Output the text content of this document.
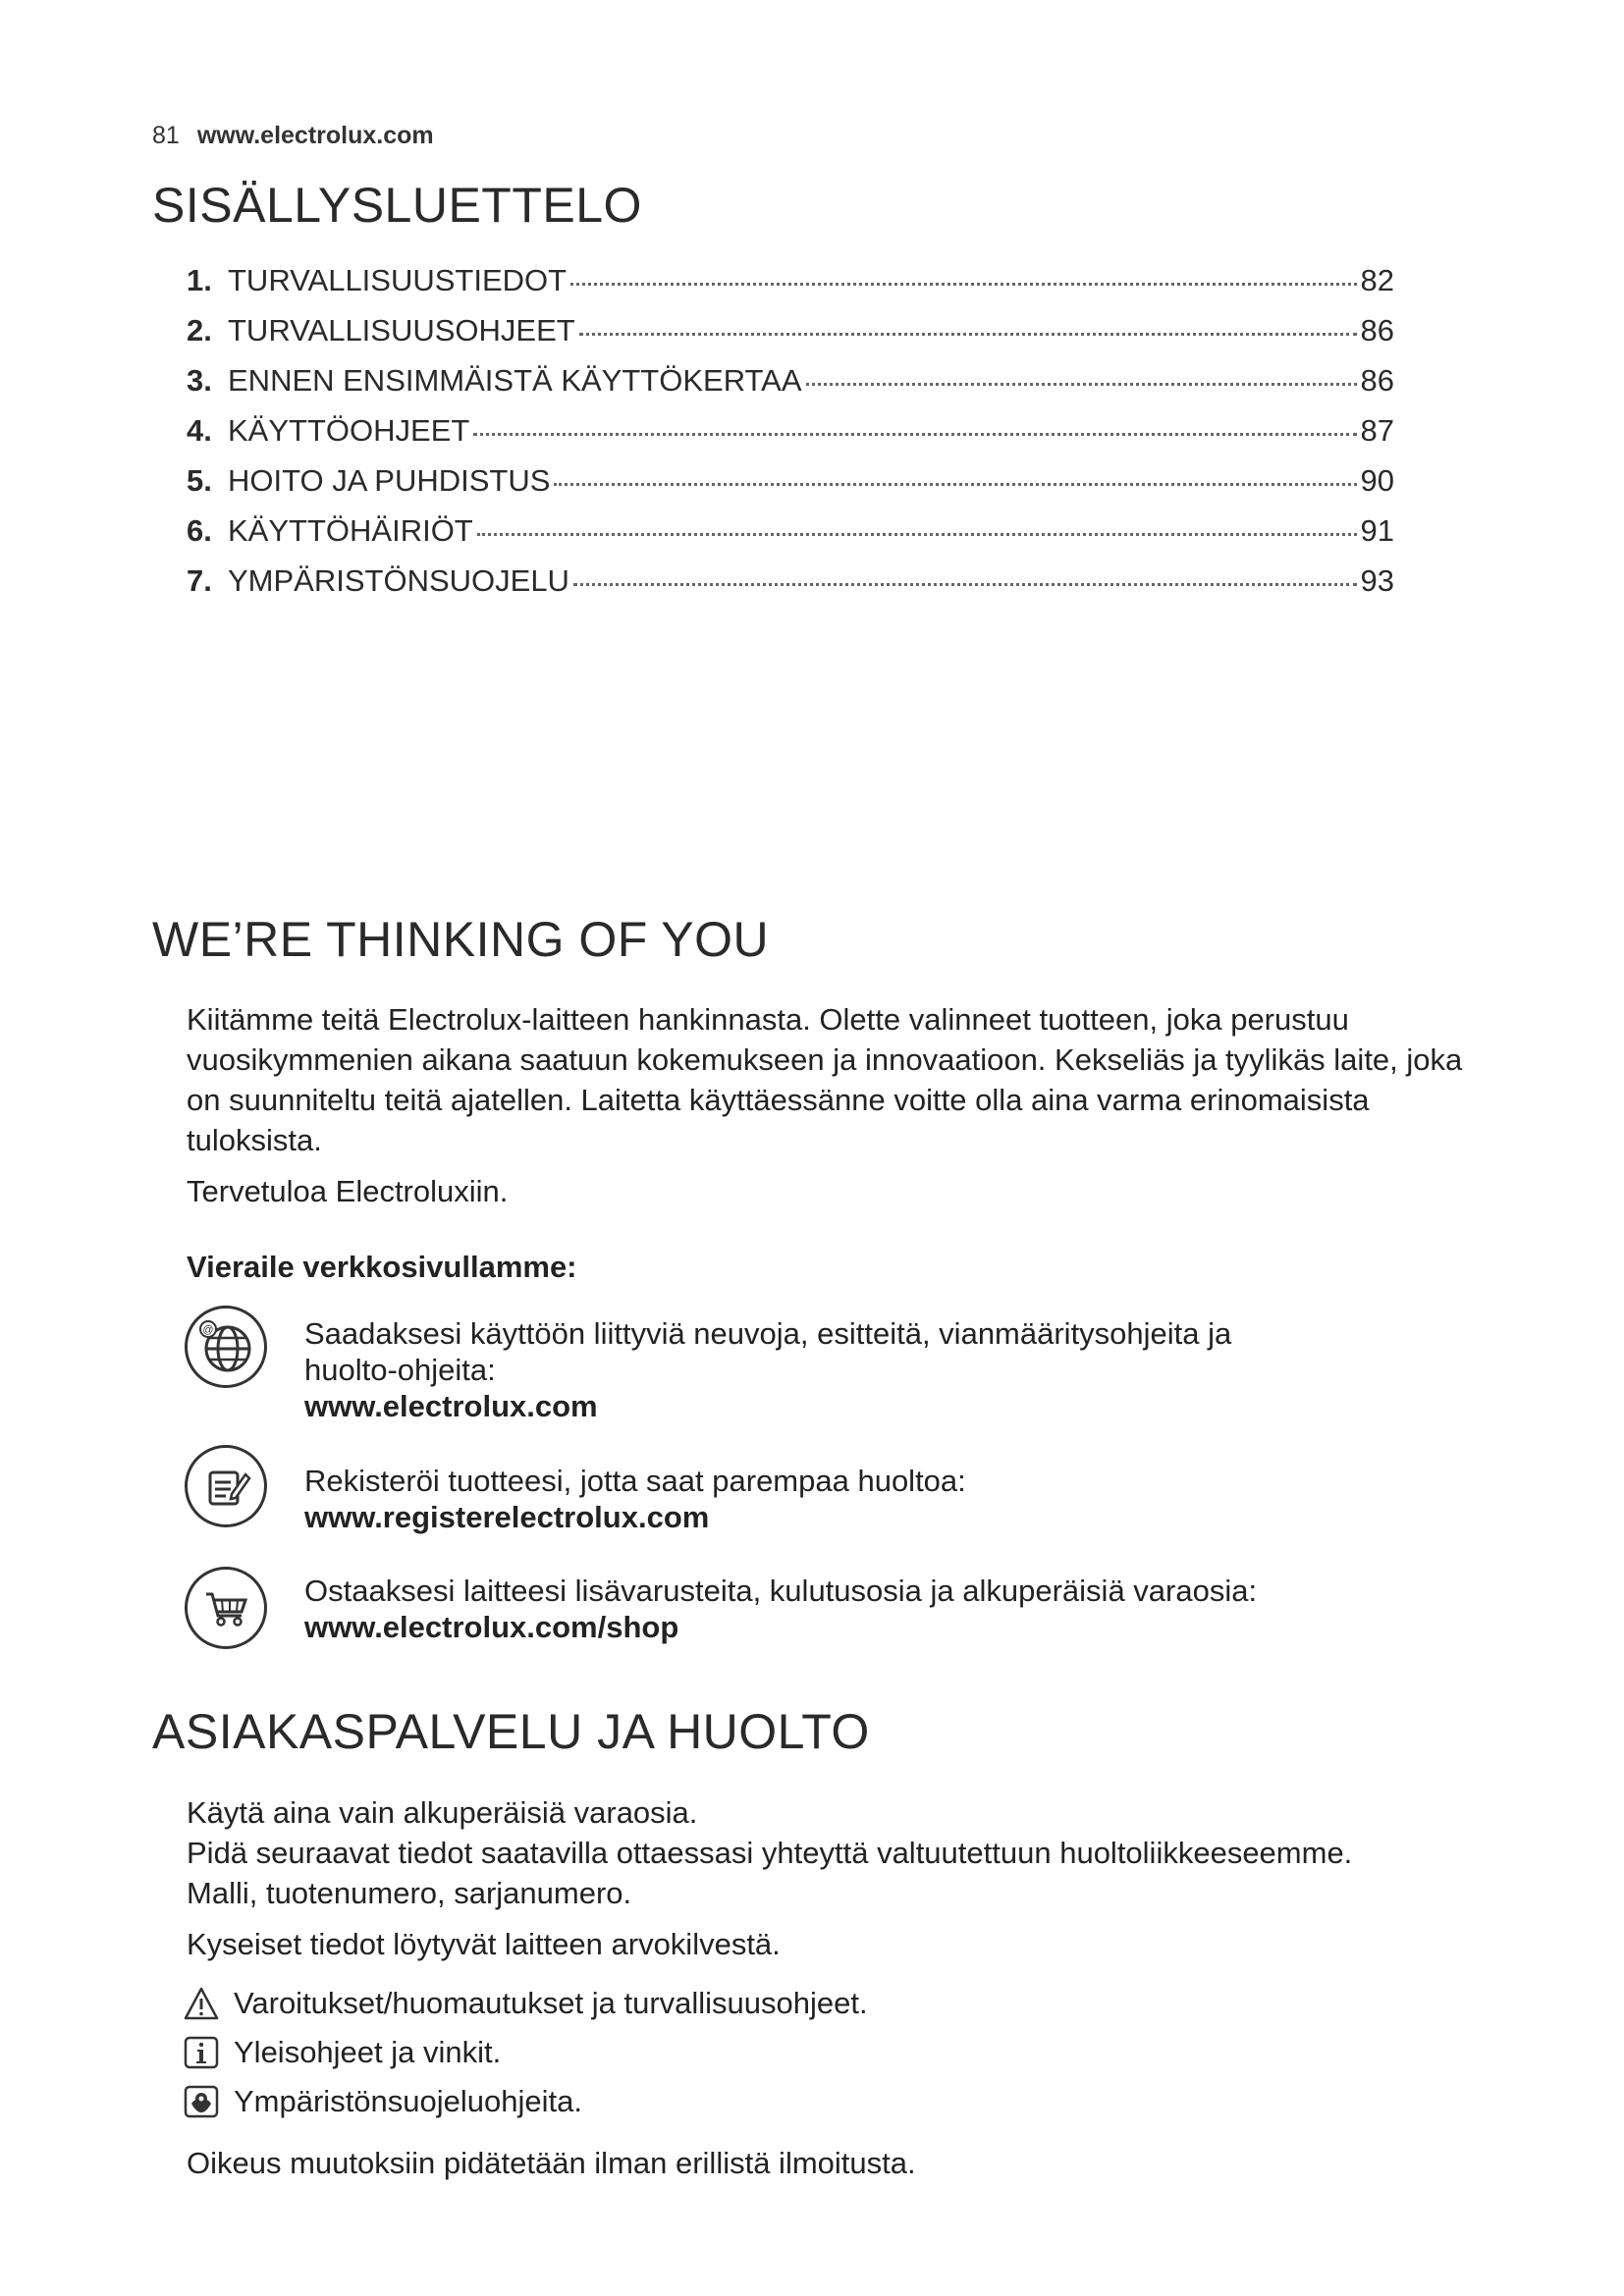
81 www.electrolux.com
SISÄLLYSLUETTELO
1. TURVALLISUUSTIEDOT	82
2. TURVALLISUUSOHJEET	86
3. ENNEN ENSIMMÄISTÄ KÄYTTÖKERTAA	86
4. KÄYTTÖOHJEET	87
5. HOITO JA PUHDISTUS	90
6. KÄYTTÖHÄIRIÖT	91
7. YMPÄRISTÖNSUOJELU	93
WE’RE THINKING OF YOU
Kiitämme teitä Electrolux-laitteen hankinnasta. Olette valinneet tuotteen, joka perustuu vuosikymmenien aikana saatuun kokemukseen ja innovaatioon. Kekseliäs ja tyylikäs laite, joka on suunniteltu teitä ajatellen. Laitetta käyttäessänne voitte olla aina varma erinomaisista tuloksista.
Tervetuloa Electroluxiin.
Vieraile verkkosivullamme:
@	Saadaksesi käyttöön liittyviä neuvoja, esitteitä, vianmääritysohjeita ja huolto-ohjeita:
www.electrolux.com
Rekisteröi tuotteesi, jotta saat parempaa huoltoa:
www.registerelectrolux.com
Ostaaksesi laitteesi lisävarusteita, kulutusosia ja alkuperäisiä varaosia:
www.electrolux.com/shop
ASIAKASPALVELU JA HUOLTO
Käytä aina vain alkuperäisiä varaosia.
Pidä seuraavat tiedot saatavilla ottaessasi yhteyttä valtuutettuun huoltoliikkeeseemme.
Malli, tuotenumero, sarjanumero.
Kyseiset tiedot löytyvät laitteen arvokilvestä.
Varoitukset/huomautukset ja turvallisuusohjeet.
Yleisohjeet ja vinkit.
Ympäristönsuojeluohjeita.
Oikeus muutoksiin pidätetään ilman erillistä ilmoitusta.
